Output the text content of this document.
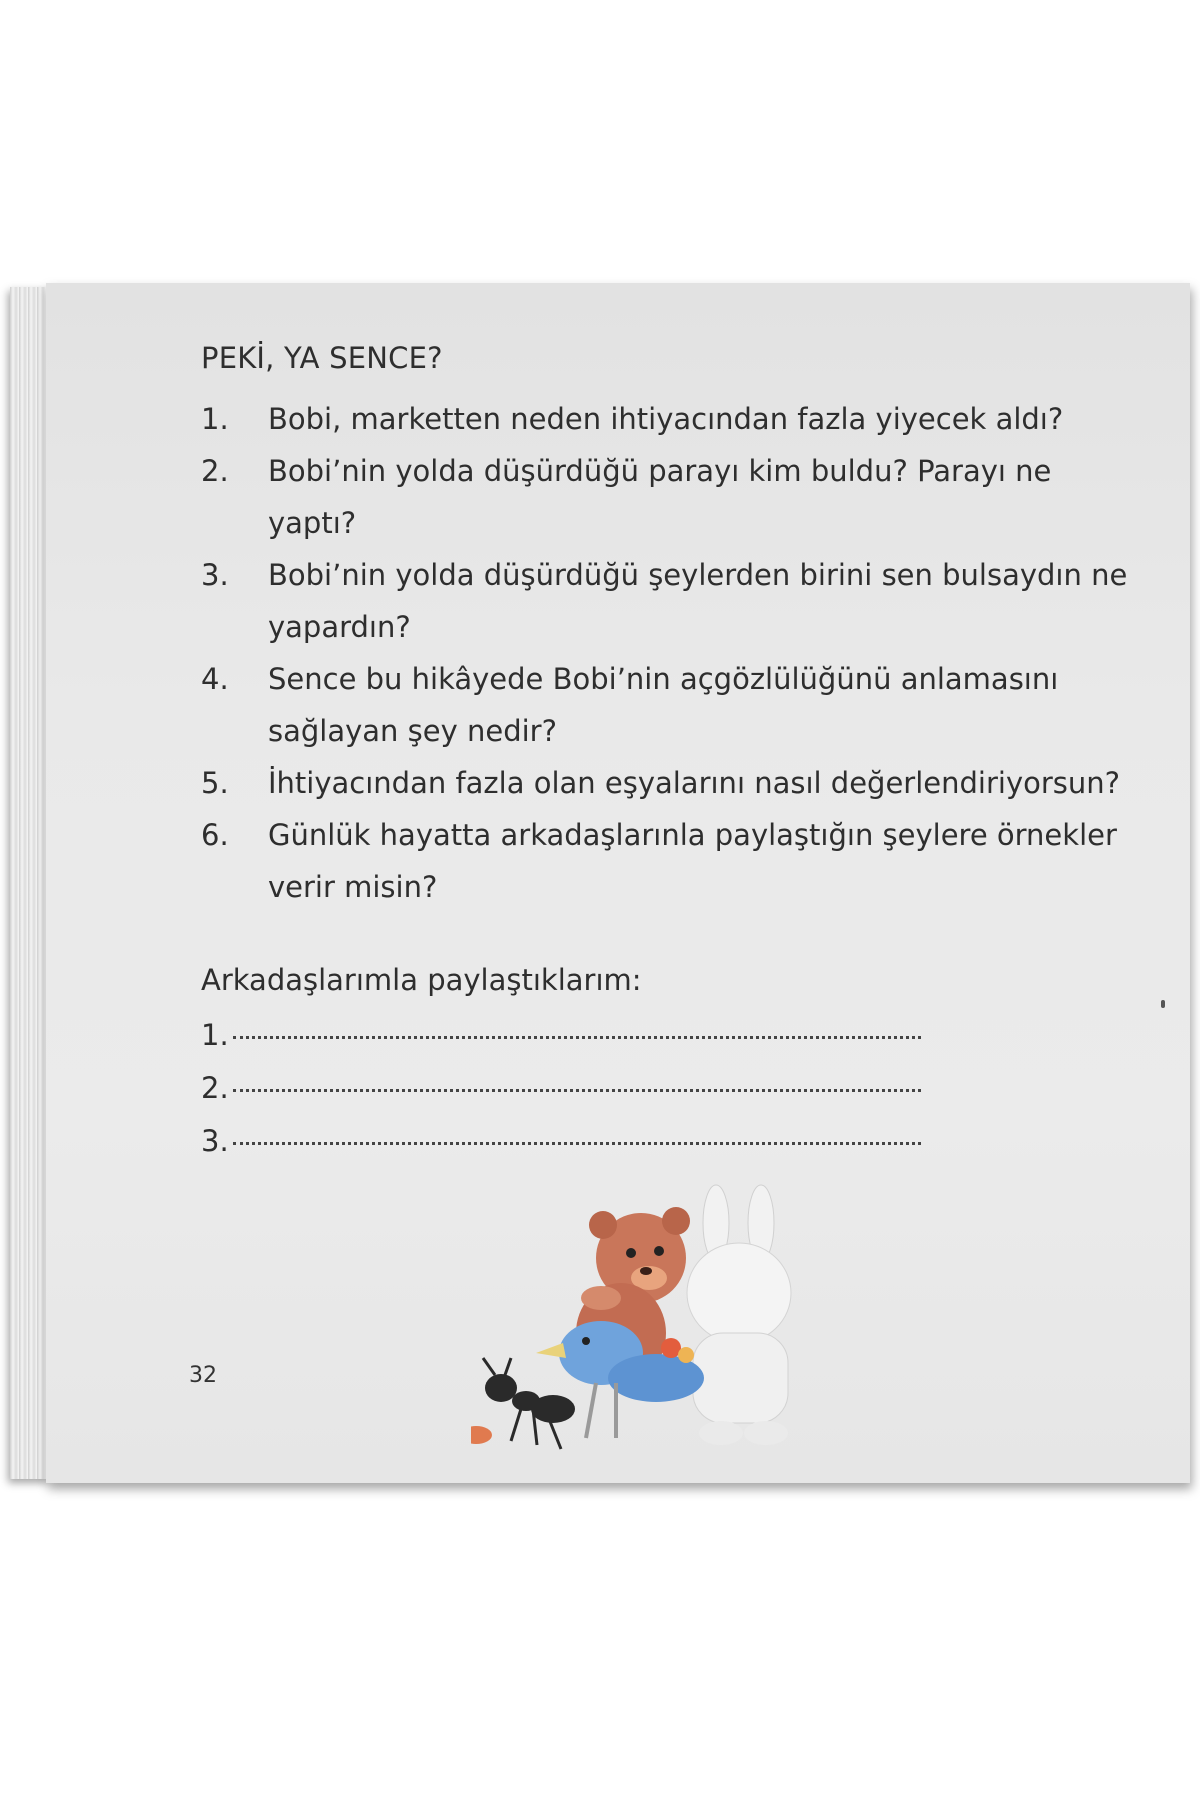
PEKİ, YA SENCE?
1.	Bobi, marketten neden ihtiyacından fazla yiyecek aldı?
2.	Bobi’nin yolda düşürdüğü parayı kim buldu? Parayı ne yaptı?
3.	Bobi’nin yolda düşürdüğü şeylerden birini sen bulsaydın ne yapardın?
4.	Sence bu hikâyede Bobi’nin açgözlülüğünü anlamasını sağlayan şey nedir?
5.	İhtiyacından fazla olan eşyalarını nasıl değerlendiriyorsun?
6.	Günlük hayatta arkadaşlarınla paylaştığın şeylere örnekler verir misin?
Arkadaşlarımla paylaştıklarım:
1.
2.
3.
32
